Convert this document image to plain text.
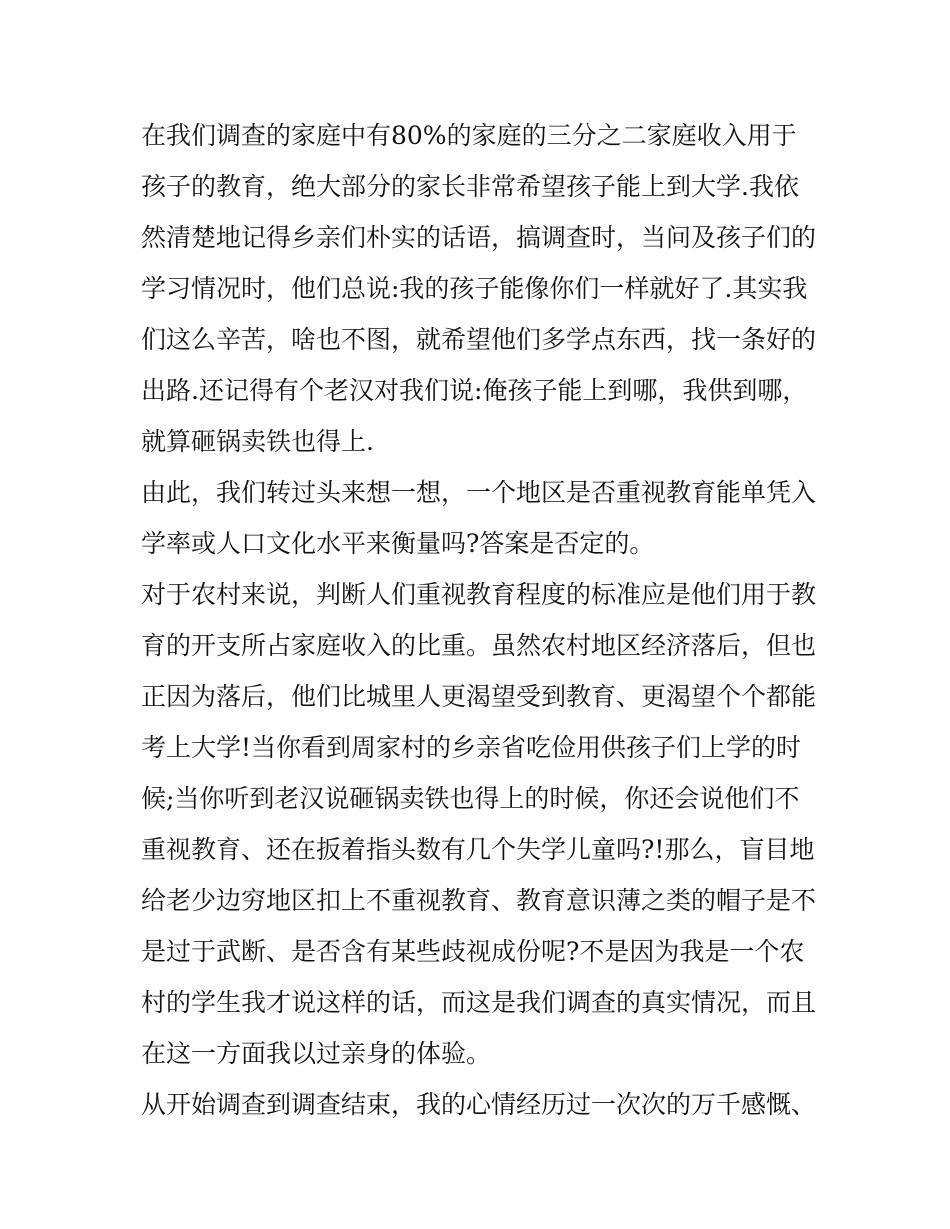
在我们调查的家庭中有80%的家庭的三分之二家庭收入用于
孩子的教育，绝大部分的家长非常希望孩子能上到大学.我依
然清楚地记得乡亲们朴实的话语，搞调查时，当问及孩子们的
学习情况时，他们总说:我的孩子能像你们一样就好了.其实我
们这么辛苦，啥也不图，就希望他们多学点东西，找一条好的
出路.还记得有个老汉对我们说:俺孩子能上到哪，我供到哪，
就算砸锅卖铁也得上.
由此，我们转过头来想一想，一个地区是否重视教育能单凭入
学率或人口文化水平来衡量吗?答案是否定的。
对于农村来说，判断人们重视教育程度的标准应是他们用于教
育的开支所占家庭收入的比重。虽然农村地区经济落后，但也
正因为落后，他们比城里人更渴望受到教育、更渴望个个都能
考上大学!当你看到周家村的乡亲省吃俭用供孩子们上学的时
候;当你听到老汉说砸锅卖铁也得上的时候，你还会说他们不
重视教育、还在扳着指头数有几个失学儿童吗?!那么，盲目地
给老少边穷地区扣上不重视教育、教育意识薄之类的帽子是不
是过于武断、是否含有某些歧视成份呢?不是因为我是一个农
村的学生我才说这样的话，而这是我们调查的真实情况，而且
在这一方面我以过亲身的体验。
从开始调查到调查结束，我的心情经历过一次次的万千感慨、
